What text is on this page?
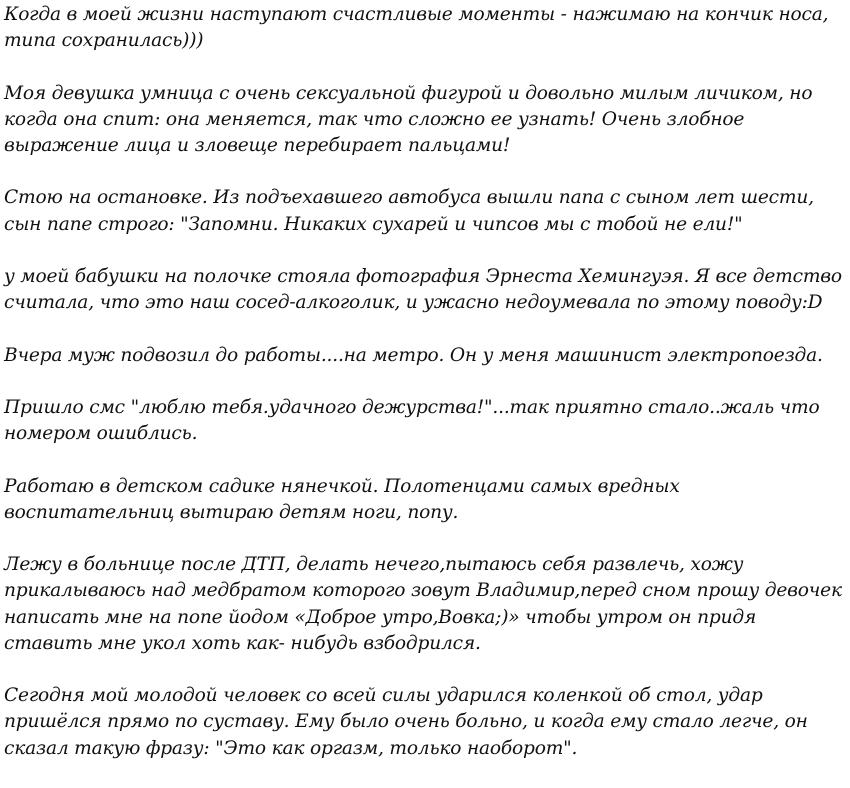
Когда в моей жизни наступают счастливые моменты - нажимаю на кончик носа,
типа сохранилась)))

Моя девушка умница с очень сексуальной фигурой и довольно милым личиком, но
когда она спит: она меняется, так что сложно ее узнать! Очень злобное
выражение лица и зловеще перебирает пальцами!

Стою на остановке. Из подъехавшего автобуса вышли папа с сыном лет шести,
сын папе строго: "Запомни. Никаких сухарей и чипсов мы с тобой не ели!"

у моей бабушки на полочке стояла фотография Эрнеста Хемингуэя. Я все детство
считала, что это наш сосед-алкоголик, и ужасно недоумевала по этому поводу:D

Вчера муж подвозил до работы....на метро. Он у меня машинист электропоезда.

Пришло смс "люблю тебя.удачного дежурства!"...так приятно стало..жаль что
номером ошиблись.

Работаю в детском садике нянечкой. Полотенцами самых вредных
воспитательниц вытираю детям ноги, попу.

Лежу в больнице после ДТП, делать нечего,пытаюсь себя развлечь, хожу
прикалываюсь над медбратом которого зовут Владимир,перед сном прошу девочек
написать мне на попе йодом «Доброе утро,Вовка;)» чтобы утром он придя
ставить мне укол хоть как- нибудь взбодрился.

Сегодня мой молодой человек со всей силы ударился коленкой об стол, удар
пришёлся прямо по суставу. Ему было очень больно, и когда ему стало легче, он
сказал такую фразу: "Это как оргазм, только наоборот".
